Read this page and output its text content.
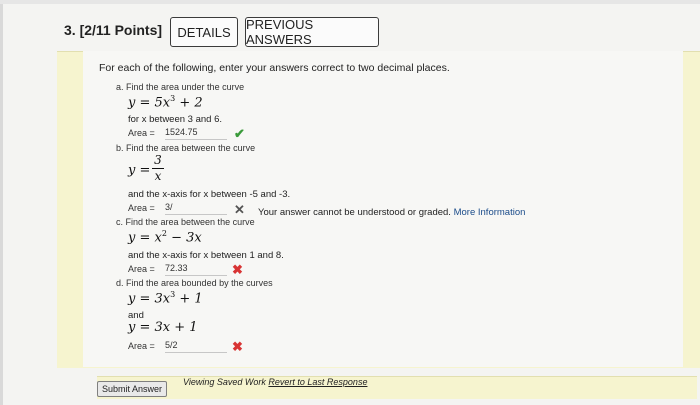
3. [2/11 Points]	DETAILS	PREVIOUS ANSWERS
For each of the following, enter your answers correct to two decimal places.
a. Find the area under the curve
$y = 5x^3 + 2$
for x between 3 and 6.
Area = 1524.75	✔
b. Find the area between the curve
$y = \frac{3}{x}$
and the x-axis for x between -5 and -3.
Area = 3/	✕ Your answer cannot be understood or graded. More Information
c. Find the area between the curve
$y = x^2 - 3x$
and the x-axis for x between 1 and 8.
Area = 72.33	✖
d. Find the area bounded by the curves
$y = 3x^3 + 1$
and
y = 3x + 1
Area = 5/2	✖
Submit Answer
Viewing Saved Work Revert to Last Response
